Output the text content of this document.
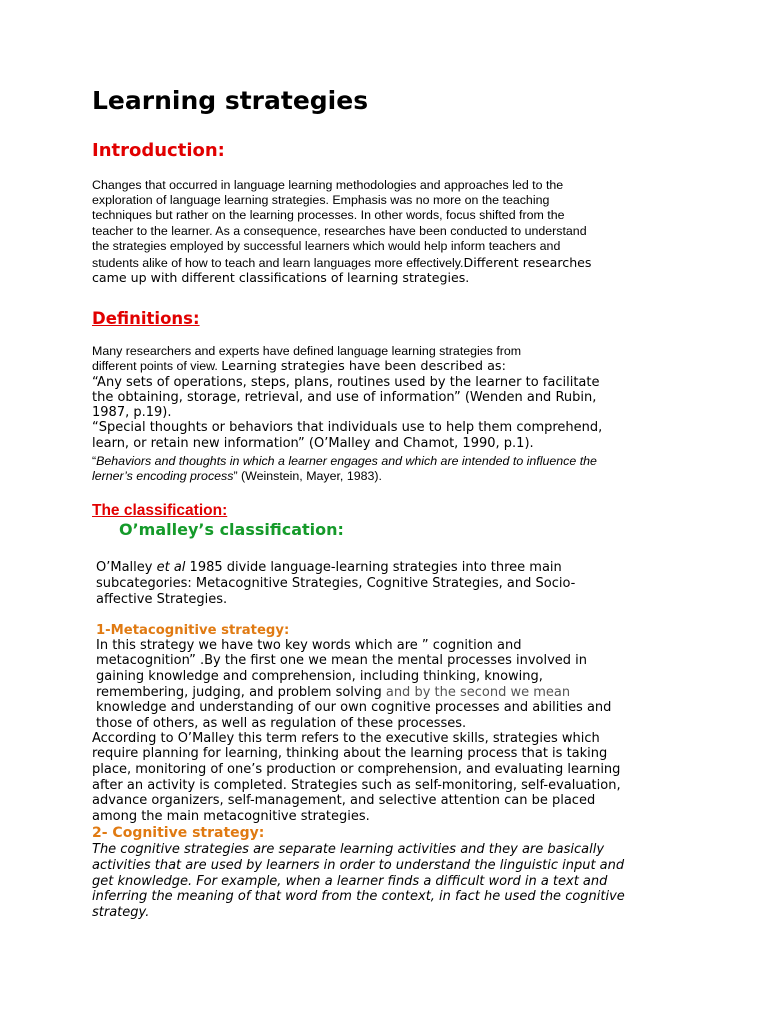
Learning strategies
Introduction:

Changes that occurred in language learning methodologies and approaches led to the

exploration of language learning strategies. Emphasis was no more on the teaching

techniques but rather on the learning processes. In other words, focus shifted from the

teacher to the learner. As a consequence, researches have been conducted to understand

the strategies employed by successful learners which would help inform teachers and

students alike of how to teach and learn languages more effectively.Different researches

came up with different classifications of learning strategies.

Definitions:

Many researchers and experts have defined language learning strategies from

different points of view. Learning strategies have been described as:

“Any sets of operations, steps, plans, routines used by the learner to facilitate

the obtaining, storage, retrieval, and use of information” (Wenden and Rubin,

1987, p.19).

“Special thoughts or behaviors that individuals use to help them comprehend,

learn, or retain new information” (O’Malley and Chamot, 1990, p.1).

“Behaviors and thoughts in which a learner engages and which are intended to influence the

lerner’s encoding process” (Weinstein, Mayer, 1983).

The classification:
O’malley’s classification:

O’Malley et al 1985 divide language-learning strategies into three main

subcategories: Metacognitive Strategies, Cognitive Strategies, and Socio-

affective Strategies.

1-Metacognitive strategy:

In this strategy we have two key words which are ” cognition and

metacognition” .By the first one we mean the mental processes involved in

gaining knowledge and comprehension, including thinking, knowing,

remembering, judging, and problem solving and by the second we mean

knowledge and understanding of our own cognitive processes and abilities and

those of others, as well as regulation of these processes.

According to O’Malley this term refers to the executive skills, strategies which

require planning for learning, thinking about the learning process that is taking

place, monitoring of one’s production or comprehension, and evaluating learning

after an activity is completed. Strategies such as self-monitoring, self-evaluation,

advance organizers, self-management, and selective attention can be placed

among the main metacognitive strategies.

2- Cognitive strategy:

The cognitive strategies are separate learning activities and they are basically

activities that are used by learners in order to understand the linguistic input and

get knowledge. For example, when a learner finds a difficult word in a text and

inferring the meaning of that word from the context, in fact he used the cognitive

strategy.
